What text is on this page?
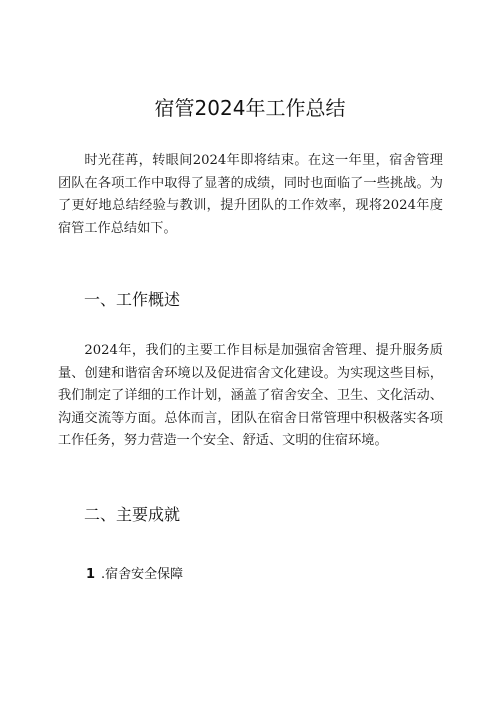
宿管2024年工作总结

时光荏苒，转眼间2024年即将结束。在这一年里，宿舍管理团队在各项工作中取得了显著的成绩，同时也面临了一些挑战。为了更好地总结经验与教训，提升团队的工作效率，现将2024年度宿管工作总结如下。

一、工作概述

2024年，我们的主要工作目标是加强宿舍管理、提升服务质量、创建和谐宿舍环境以及促进宿舍文化建设。为实现这些目标，我们制定了详细的工作计划，涵盖了宿舍安全、卫生、文化活动、沟通交流等方面。总体而言，团队在宿舍日常管理中积极落实各项工作任务，努力营造一个安全、舒适、文明的住宿环境。

二、主要成就
1 .宿舍安全保障
